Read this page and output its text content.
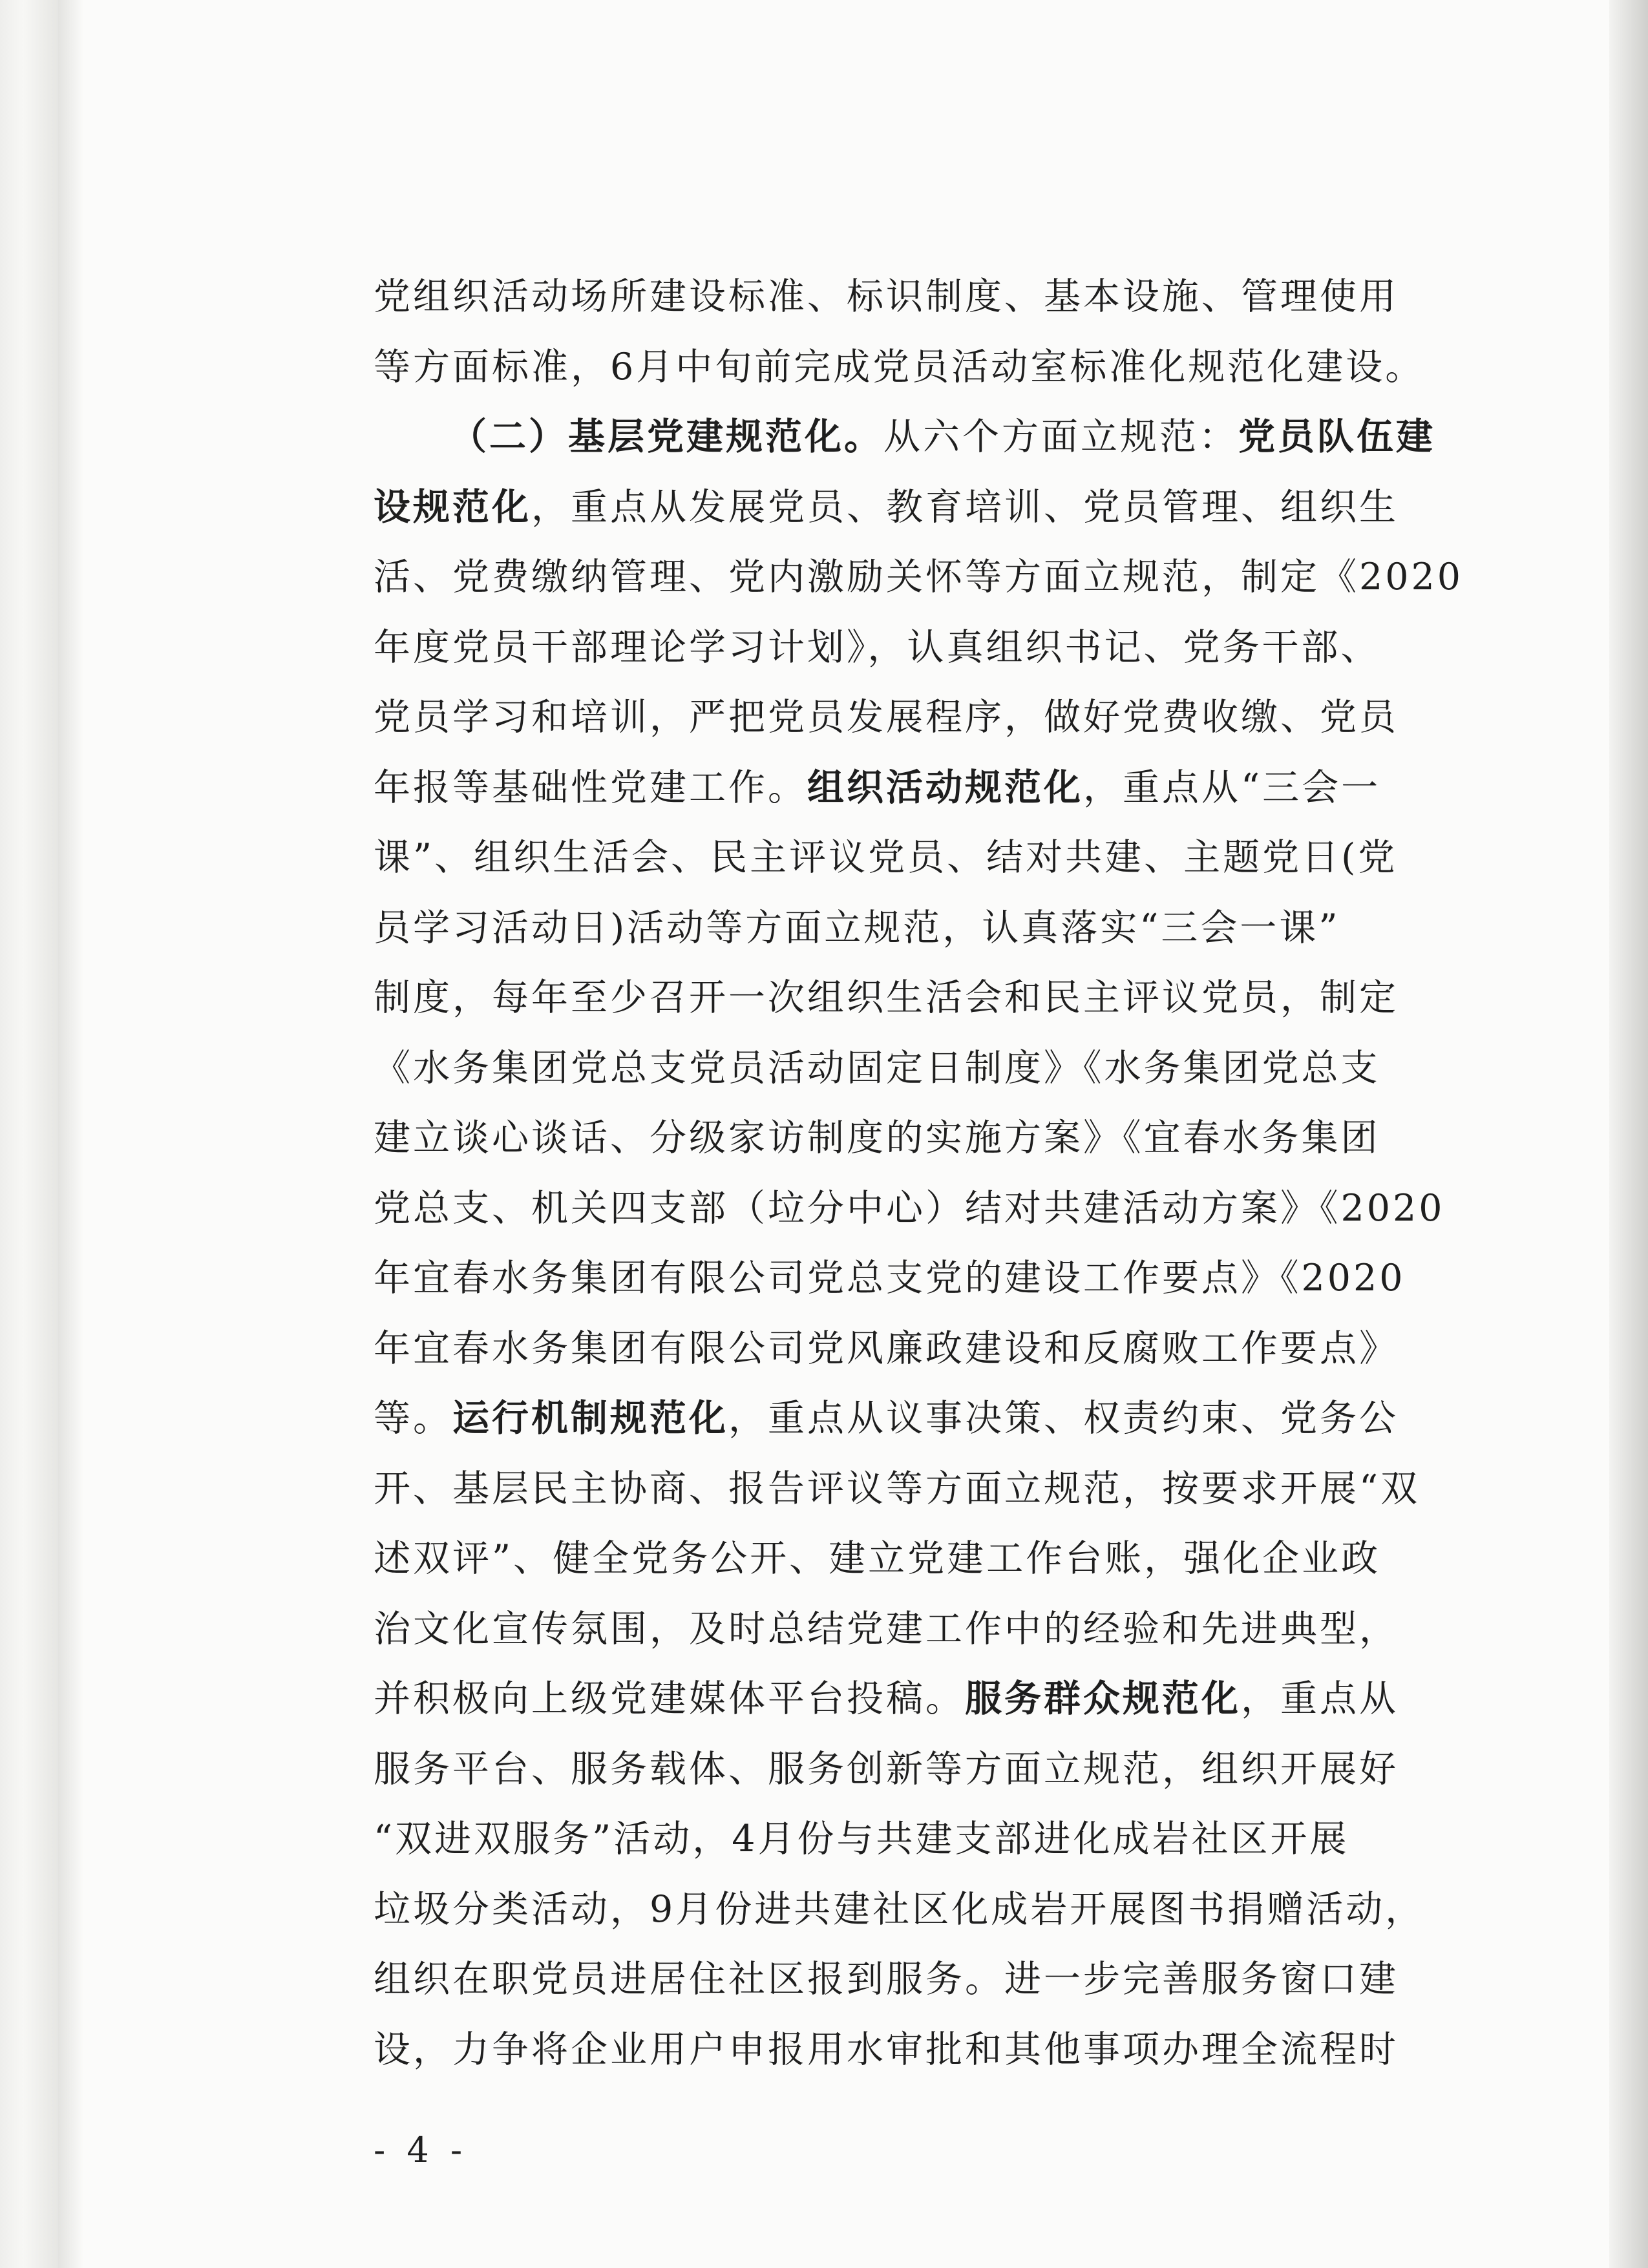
党组织活动场所建设标准、标识制度、基本设施、管理使用
等方面标准，6月中旬前完成党员活动室标准化规范化建设。
（二）基层党建规范化。从六个方面立规范：党员队伍建
设规范化，重点从发展党员、教育培训、党员管理、组织生
活、党费缴纳管理、党内激励关怀等方面立规范，制定《2020
年度党员干部理论学习计划》，认真组织书记、党务干部、
党员学习和培训，严把党员发展程序，做好党费收缴、党员
年报等基础性党建工作。组织活动规范化，重点从“三会一
课”、组织生活会、民主评议党员、结对共建、主题党日(党
员学习活动日)活动等方面立规范，认真落实“三会一课”
制度，每年至少召开一次组织生活会和民主评议党员，制定
《水务集团党总支党员活动固定日制度》《水务集团党总支
建立谈心谈话、分级家访制度的实施方案》《宜春水务集团
党总支、机关四支部（垃分中心）结对共建活动方案》《2020
年宜春水务集团有限公司党总支党的建设工作要点》《2020
年宜春水务集团有限公司党风廉政建设和反腐败工作要点》
等。运行机制规范化，重点从议事决策、权责约束、党务公
开、基层民主协商、报告评议等方面立规范，按要求开展“双
述双评”、健全党务公开、建立党建工作台账，强化企业政
治文化宣传氛围，及时总结党建工作中的经验和先进典型，
并积极向上级党建媒体平台投稿。服务群众规范化，重点从
服务平台、服务载体、服务创新等方面立规范，组织开展好
“双进双服务”活动，4月份与共建支部进化成岩社区开展
垃圾分类活动，9月份进共建社区化成岩开展图书捐赠活动，
组织在职党员进居住社区报到服务。进一步完善服务窗口建
设，力争将企业用户申报用水审批和其他事项办理全流程时
- 4 -
